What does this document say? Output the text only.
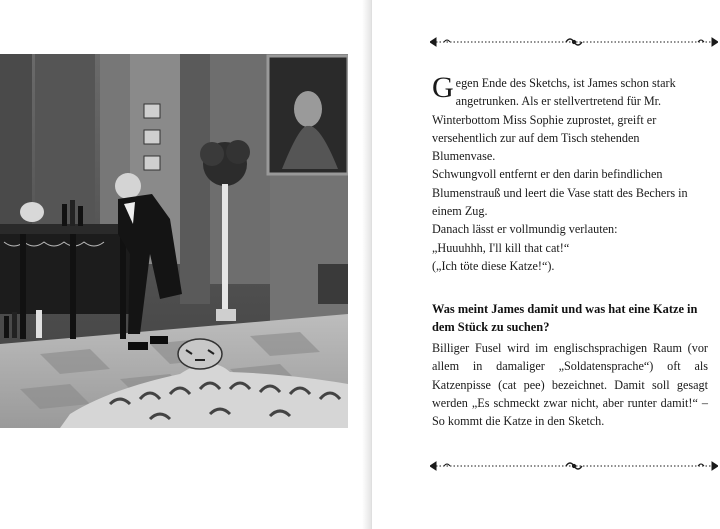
Gegen Ende des Sketchs, ist James schon stark angetrunken. Als er stellvertretend für Mr. Winterbottom Miss Sophie zuprostet, greift er versehentlich zur auf dem Tisch stehenden Blumenvase.

Schwungvoll entfernt er den darin befindlichen Blumenstrauß und leert die Vase statt des Bechers in einem Zug.

Danach lässt er vollmundig verlauten:

„Huuuhhh, I'll kill that cat!“

(„Ich töte diese Katze!“).

Was meint James damit und was hat eine Katze in dem Stück zu suchen?
Billiger Fusel wird im englischsprachigen Raum (vor allem in damaliger „Soldatensprache“) oft als Katzenpisse (cat pee) bezeichnet. Damit soll gesagt werden „Es schmeckt zwar nicht, aber runter damit!“ – So kommt die Katze in den Sketch.
